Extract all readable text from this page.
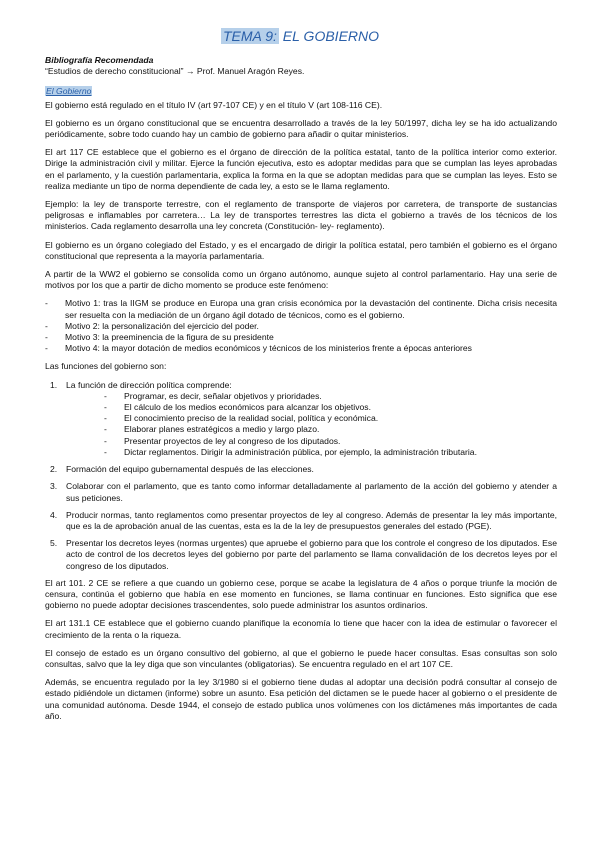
TEMA 9: EL GOBIERNO

Bibliografía Recomendada

“Estudios de derecho constitucional” → Prof. Manuel Aragón Reyes.

El Gobierno

El gobierno está regulado en el título IV (art 97-107 CE) y en el título V (art 108-116 CE).

El gobierno es un órgano constitucional que se encuentra desarrollado a través de la ley 50/1997, dicha ley se ha ido actualizando periódicamente, sobre todo cuando hay un cambio de gobierno para añadir o quitar ministerios.

El art 117 CE establece que el gobierno es el órgano de dirección de la política estatal, tanto de la política interior como exterior. Dirige la administración civil y militar. Ejerce la función ejecutiva, esto es adoptar medidas para que se cumplan las leyes aprobadas en el parlamento, y la cuestión parlamentaria, explica la forma en la que se adoptan medidas para que se cumplan las leyes. Esto se realiza mediante un tipo de norma dependiente de cada ley, a esto se le llama reglamento.

Ejemplo: la ley de transporte terrestre, con el reglamento de transporte de viajeros por carretera, de transporte de sustancias peligrosas e inflamables por carretera… La ley de transportes terrestres las dicta el gobierno a través de los técnicos de los ministerios. Cada reglamento desarrolla una ley concreta (Constitución- ley- reglamento).

El gobierno es un órgano colegiado del Estado, y es el encargado de dirigir la política estatal, pero también el gobierno es el órgano constitucional que representa a la mayoría parlamentaria.

A partir de la WW2 el gobierno se consolida como un órgano autónomo, aunque sujeto al control parlamentario. Hay una serie de motivos por los que a partir de dicho momento se produce este fenómeno:

- Motivo 1: tras la IIGM se produce en Europa una gran crisis económica por la devastación del continente. Dicha crisis necesita ser resuelta con la mediación de un órgano ágil dotado de técnicos, como es el gobierno.
- Motivo 2: la personalización del ejercicio del poder.
- Motivo 3: la preeminencia de la figura de su presidente
- Motivo 4: la mayor dotación de medios económicos y técnicos de los ministerios frente a épocas anteriores

Las funciones del gobierno son:

1. La función de dirección política comprende:
- Programar, es decir, señalar objetivos y prioridades.
- El cálculo de los medios económicos para alcanzar los objetivos.
- El conocimiento preciso de la realidad social, política y económica.
- Elaborar planes estratégicos a medio y largo plazo.
- Presentar proyectos de ley al congreso de los diputados.
- Dictar reglamentos. Dirigir la administración pública, por ejemplo, la administración tributaria.
2. Formación del equipo gubernamental después de las elecciones.
3. Colaborar con el parlamento, que es tanto como informar detalladamente al parlamento de la acción del gobierno y atender a sus peticiones.
4. Producir normas, tanto reglamentos como presentar proyectos de ley al congreso. Además de presentar la ley más importante, que es la de aprobación anual de las cuentas, esta es la de la ley de presupuestos generales del estado (PGE).
5. Presentar los decretos leyes (normas urgentes) que apruebe el gobierno para que los controle el congreso de los diputados. Ese acto de control de los decretos leyes del gobierno por parte del parlamento se llama convalidación de los decretos leyes por el congreso de los diputados.

El art 101. 2 CE se refiere a que cuando un gobierno cese, porque se acabe la legislatura de 4 años o porque triunfe la moción de censura, continúa el gobierno que había en ese momento en funciones, se llama continuar en funciones. Esto significa que ese gobierno no puede adoptar decisiones trascendentes, solo puede administrar los asuntos ordinarios.

El art 131.1 CE establece que el gobierno cuando planifique la economía lo tiene que hacer con la idea de estimular o favorecer el crecimiento de la renta o la riqueza.

El consejo de estado es un órgano consultivo del gobierno, al que el gobierno le puede hacer consultas. Esas consultas son solo consultas, salvo que la ley diga que son vinculantes (obligatorias). Se encuentra regulado en el art 107 CE.

Además, se encuentra regulado por la ley 3/1980 si el gobierno tiene dudas al adoptar una decisión podrá consultar al consejo de estado pidiéndole un dictamen (informe) sobre un asunto. Esa petición del dictamen se le puede hacer al gobierno o el presidente de una comunidad autónoma. Desde 1944, el consejo de estado publica unos volúmenes con los dictámenes más importantes de cada año.
